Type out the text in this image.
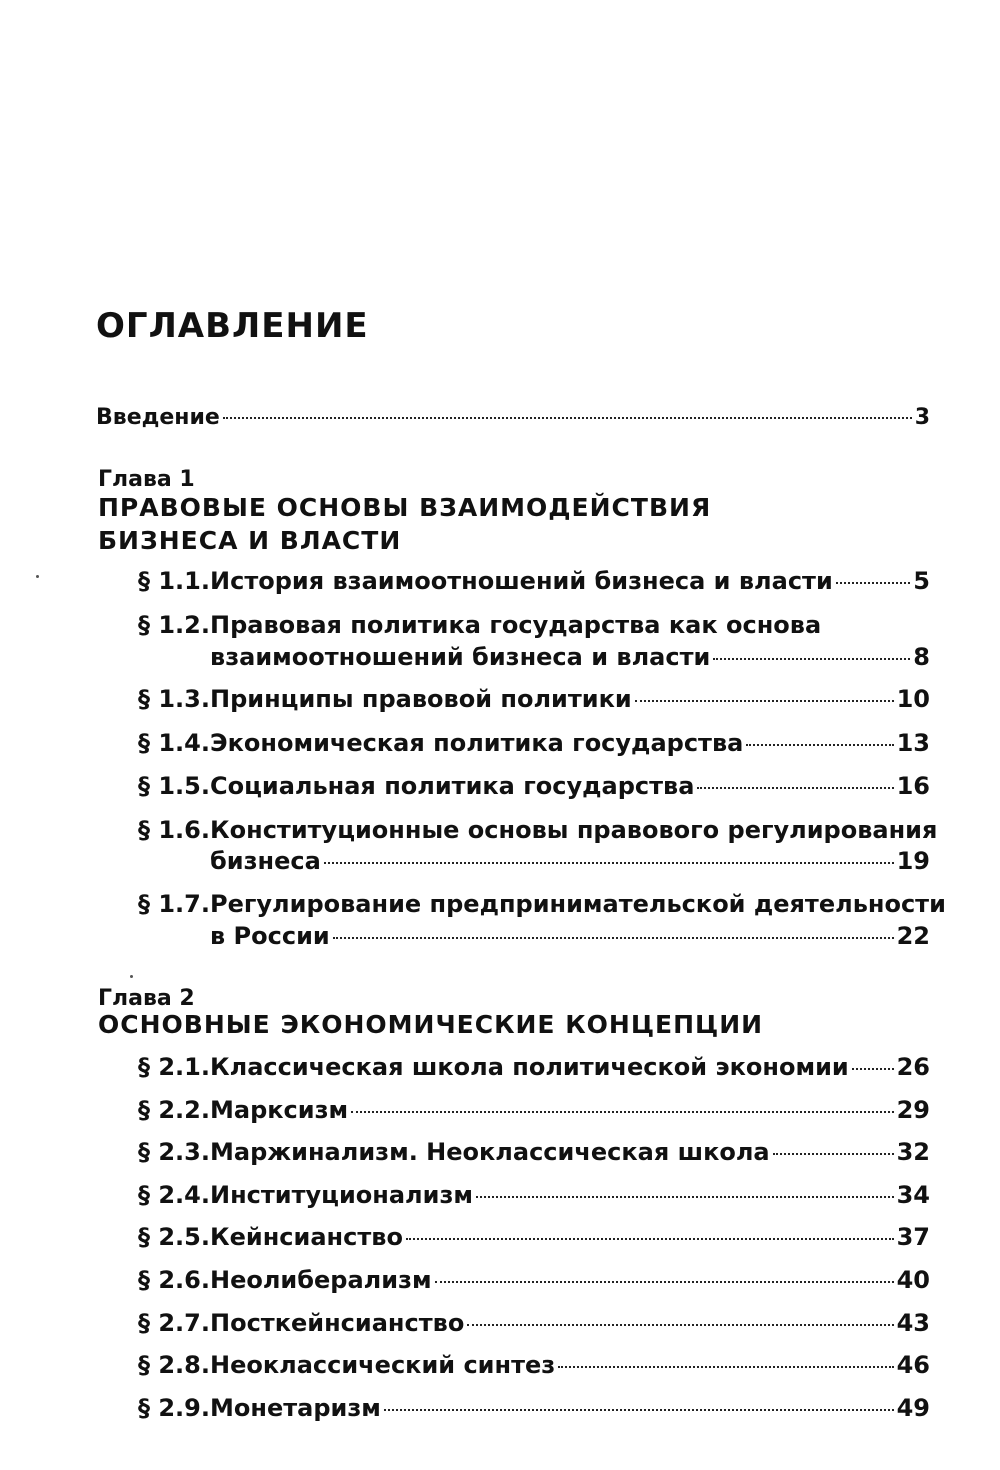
ОГЛАВЛЕНИЕ
Введение	3
Глава 1
ПРАВОВЫЕ ОСНОВЫ ВЗАИМОДЕЙСТВИЯ
БИЗНЕСА И ВЛАСТИ
§ 1.1. История взаимоотношений бизнеса и власти	5
§ 1.2.Правовая политика государства как основа
взаимоотношений бизнеса и власти	8
§ 1.3. Принципы правовой политики	10
§ 1.4. Экономическая политика государства	13
§ 1.5. Социальная политика государства	16
§ 1.6.Конституционные основы правового регулирования
бизнеса	19
§ 1.7.Регулирование предпринимательской деятельности
в России	22
Глава 2
ОСНОВНЫЕ ЭКОНОМИЧЕСКИЕ КОНЦЕПЦИИ
§ 2.1. Классическая школа политической экономии 26
§ 2.2. Марксизм	29
§ 2.3. Маржинализм. Неоклассическая школа	32
§ 2.4. Институционализм	34
§ 2.5. Кейнсианство	37
§ 2.6. Неолиберализм	40
§ 2.7. Посткейнсианство	43
§ 2.8. Неоклассический синтез	46
§ 2.9. Монетаризм	49
